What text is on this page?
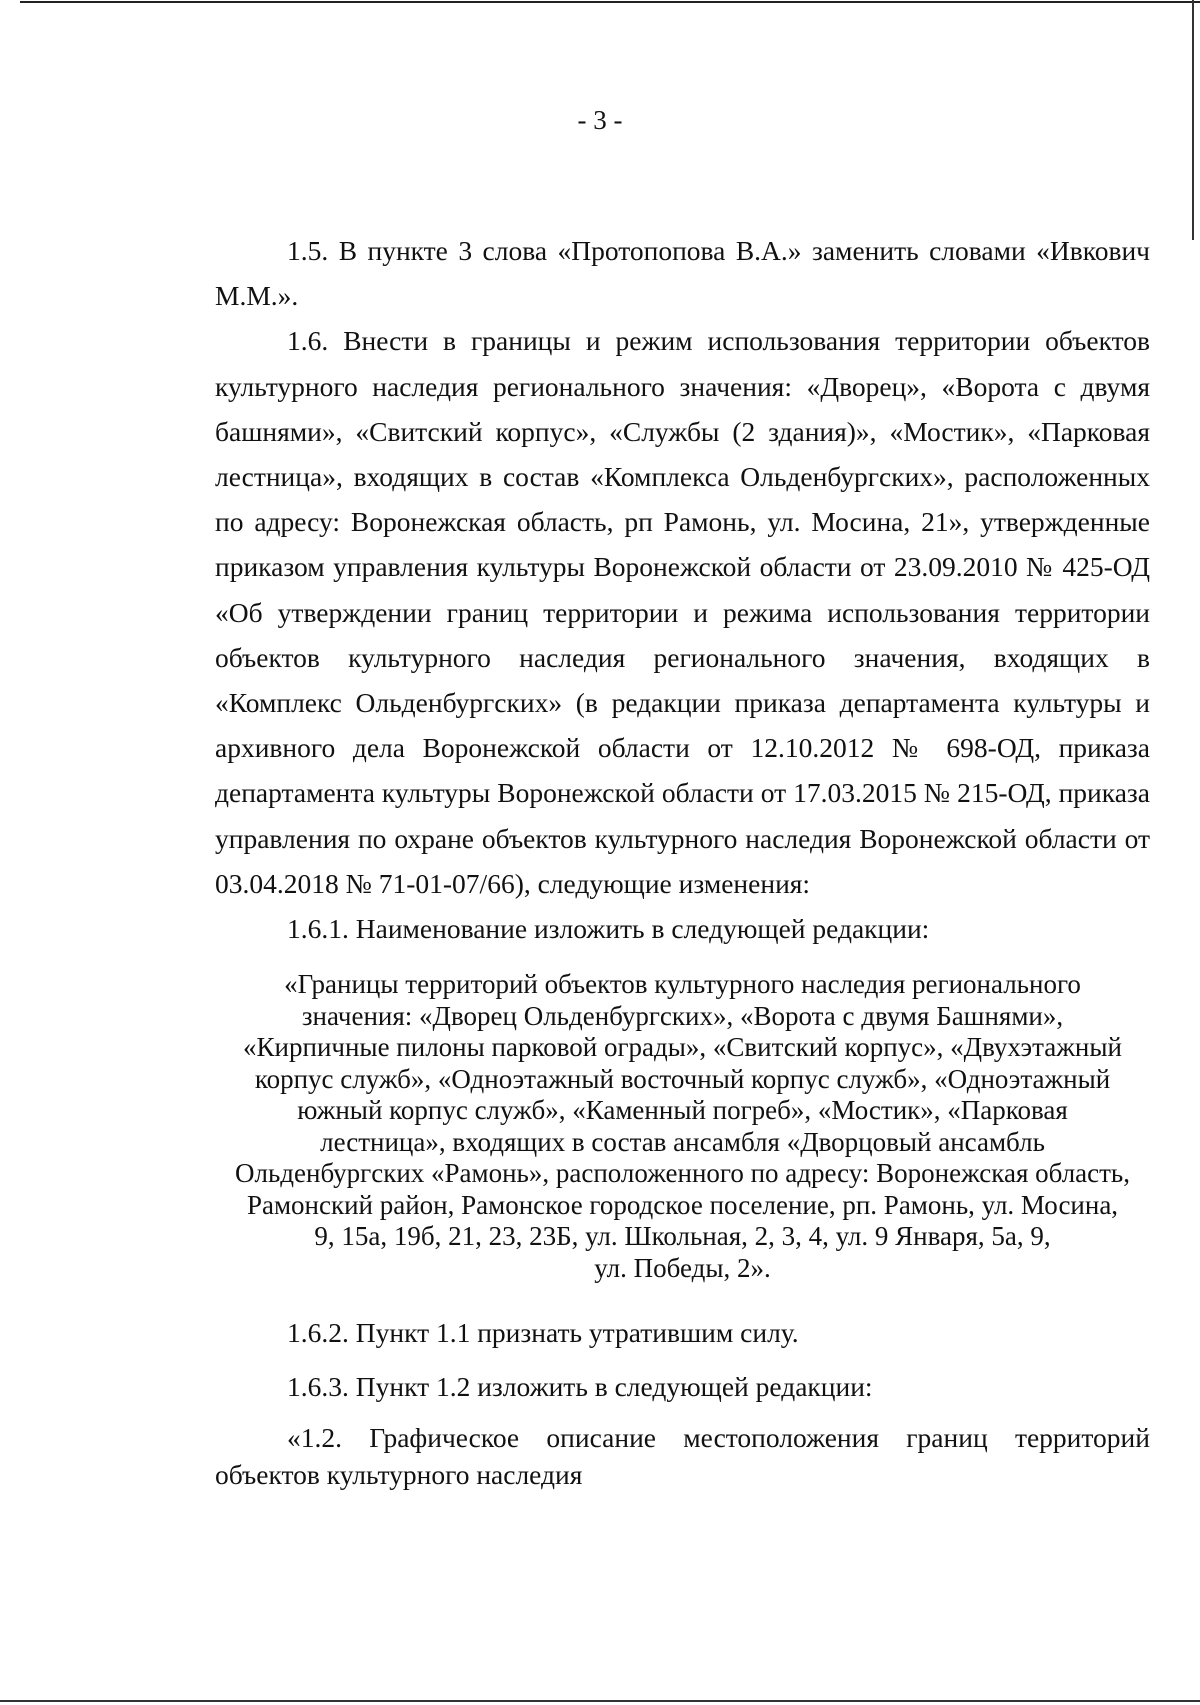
- 3 -

1.5. В пункте 3 слова «Протопопова В.А.» заменить словами «Ивкович М.М.».

1.6. Внести в границы и режим использования территории объектов культурного наследия регионального значения: «Дворец», «Ворота с двумя башнями», «Свитский корпус», «Службы (2 здания)», «Мостик», «Парковая лестница», входящих в состав «Комплекса Ольденбургских», расположенных по адресу: Воронежская область, рп Рамонь, ул. Мосина, 21», утвержденные приказом управления культуры Воронежской области от 23.09.2010 № 425-ОД «Об утверждении границ территории и режима использования территории объектов культурного наследия регионального значения, входящих в «Комплекс Ольденбургских» (в редакции приказа департамента культуры и архивного дела Воронежской области от 12.10.2012 № 698-ОД, приказа департамента культуры Воронежской области от 17.03.2015 № 215-ОД, приказа управления по охране объектов культурного наследия Воронежской области от 03.04.2018 № 71-01-07/66), следующие изменения:

1.6.1. Наименование изложить в следующей редакции:

«Границы территорий объектов культурного наследия регионального
значения: «Дворец Ольденбургских», «Ворота с двумя Башнями»,
«Кирпичные пилоны парковой ограды», «Свитский корпус», «Двухэтажный
корпус служб», «Одноэтажный восточный корпус служб», «Одноэтажный
южный корпус служб», «Каменный погреб», «Мостик», «Парковая
лестница», входящих в состав ансамбля «Дворцовый ансамбль
Ольденбургских «Рамонь», расположенного по адресу: Воронежская область,
Рамонский район, Рамонское городское поселение, рп. Рамонь, ул. Мосина,
9, 15а, 19б, 21, 23, 23Б, ул. Школьная, 2, 3, 4, ул. 9 Января, 5а, 9,
ул. Победы, 2».

1.6.2. Пункт 1.1 признать утратившим силу.

1.6.3. Пункт 1.2 изложить в следующей редакции:

«1.2. Графическое описание местоположения границ территорий объектов культурного наследия
